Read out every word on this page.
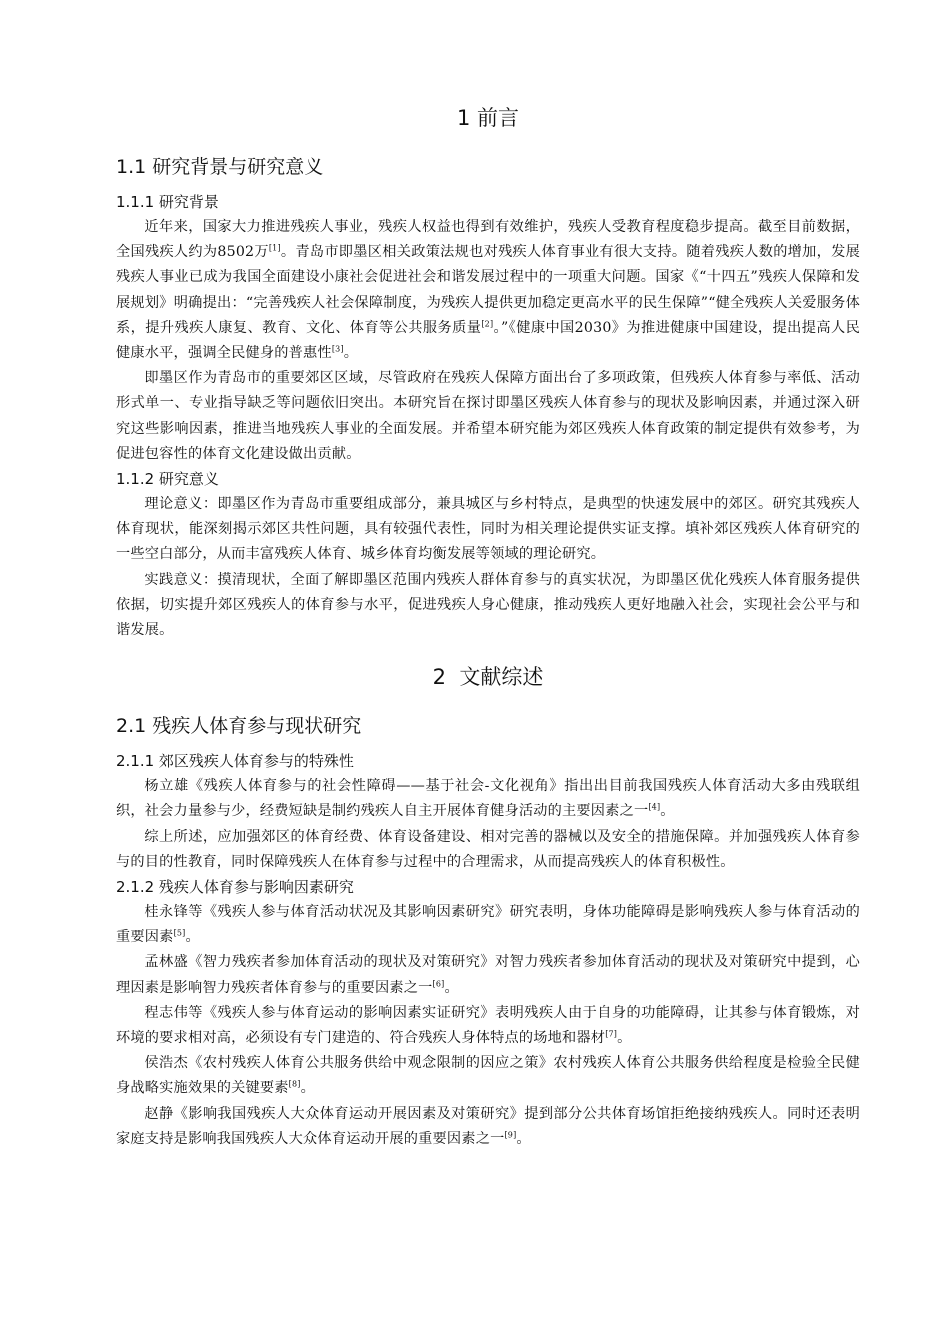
1 前言
1.1 研究背景与研究意义
1.1.1 研究背景

近年来，国家大力推进残疾人事业，残疾人权益也得到有效维护，残疾人受教育程度稳步提高。截至目前数据，全国残疾人约为8502万[1]。青岛市即墨区相关政策法规也对残疾人体育事业有很大支持。随着残疾人数的增加，发展残疾人事业已成为我国全面建设小康社会促进社会和谐发展过程中的一项重大问题。国家《“十四五”残疾人保障和发展规划》明确提出：“完善残疾人社会保障制度，为残疾人提供更加稳定更高水平的民生保障”“健全残疾人关爱服务体系，提升残疾人康复、教育、文化、体育等公共服务质量[2]。”《健康中国2030》为推进健康中国建设，提出提高人民健康水平，强调全民健身的普惠性[3]。

即墨区作为青岛市的重要郊区区域，尽管政府在残疾人保障方面出台了多项政策，但残疾人体育参与率低、活动形式单一、专业指导缺乏等问题依旧突出。本研究旨在探讨即墨区残疾人体育参与的现状及影响因素，并通过深入研究这些影响因素，推进当地残疾人事业的全面发展。并希望本研究能为郊区残疾人体育政策的制定提供有效参考，为促进包容性的体育文化建设做出贡献。

1.1.2 研究意义

理论意义：即墨区作为青岛市重要组成部分，兼具城区与乡村特点，是典型的快速发展中的郊区。研究其残疾人体育现状，能深刻揭示郊区共性问题，具有较强代表性，同时为相关理论提供实证支撑。填补郊区残疾人体育研究的一些空白部分，从而丰富残疾人体育、城乡体育均衡发展等领域的理论研究。

实践意义：摸清现状，全面了解即墨区范围内残疾人群体育参与的真实状况，为即墨区优化残疾人体育服务提供依据，切实提升郊区残疾人的体育参与水平，促进残疾人身心健康，推动残疾人更好地融入社会，实现社会公平与和谐发展。

2  文献综述
2.1 残疾人体育参与现状研究
2.1.1 郊区残疾人体育参与的特殊性

杨立雄《残疾人体育参与的社会性障碍——基于社会-文化视角》指出出目前我国残疾人体育活动大多由残联组织，社会力量参与少，经费短缺是制约残疾人自主开展体育健身活动的主要因素之一[4]。

综上所述，应加强郊区的体育经费、体育设备建设、相对完善的器械以及安全的措施保障。并加强残疾人体育参与的目的性教育，同时保障残疾人在体育参与过程中的合理需求，从而提高残疾人的体育积极性。

2.1.2 残疾人体育参与影响因素研究

桂永锋等《残疾人参与体育活动状况及其影响因素研究》研究表明，身体功能障碍是影响残疾人参与体育活动的重要因素[5]。

孟林盛《智力残疾者参加体育活动的现状及对策研究》对智力残疾者参加体育活动的现状及对策研究中提到，心理因素是影响智力残疾者体育参与的重要因素之一[6]。

程志伟等《残疾人参与体育运动的影响因素实证研究》表明残疾人由于自身的功能障碍，让其参与体育锻炼，对环境的要求相对高，必须设有专门建造的、符合残疾人身体特点的场地和器材[7]。

侯浩杰《农村残疾人体育公共服务供给中观念限制的因应之策》农村残疾人体育公共服务供给程度是检验全民健身战略实施效果的关键要素[8]。

赵静《影响我国残疾人大众体育运动开展因素及对策研究》提到部分公共体育场馆拒绝接纳残疾人。同时还表明家庭支持是影响我国残疾人大众体育运动开展的重要因素之一[9]。
